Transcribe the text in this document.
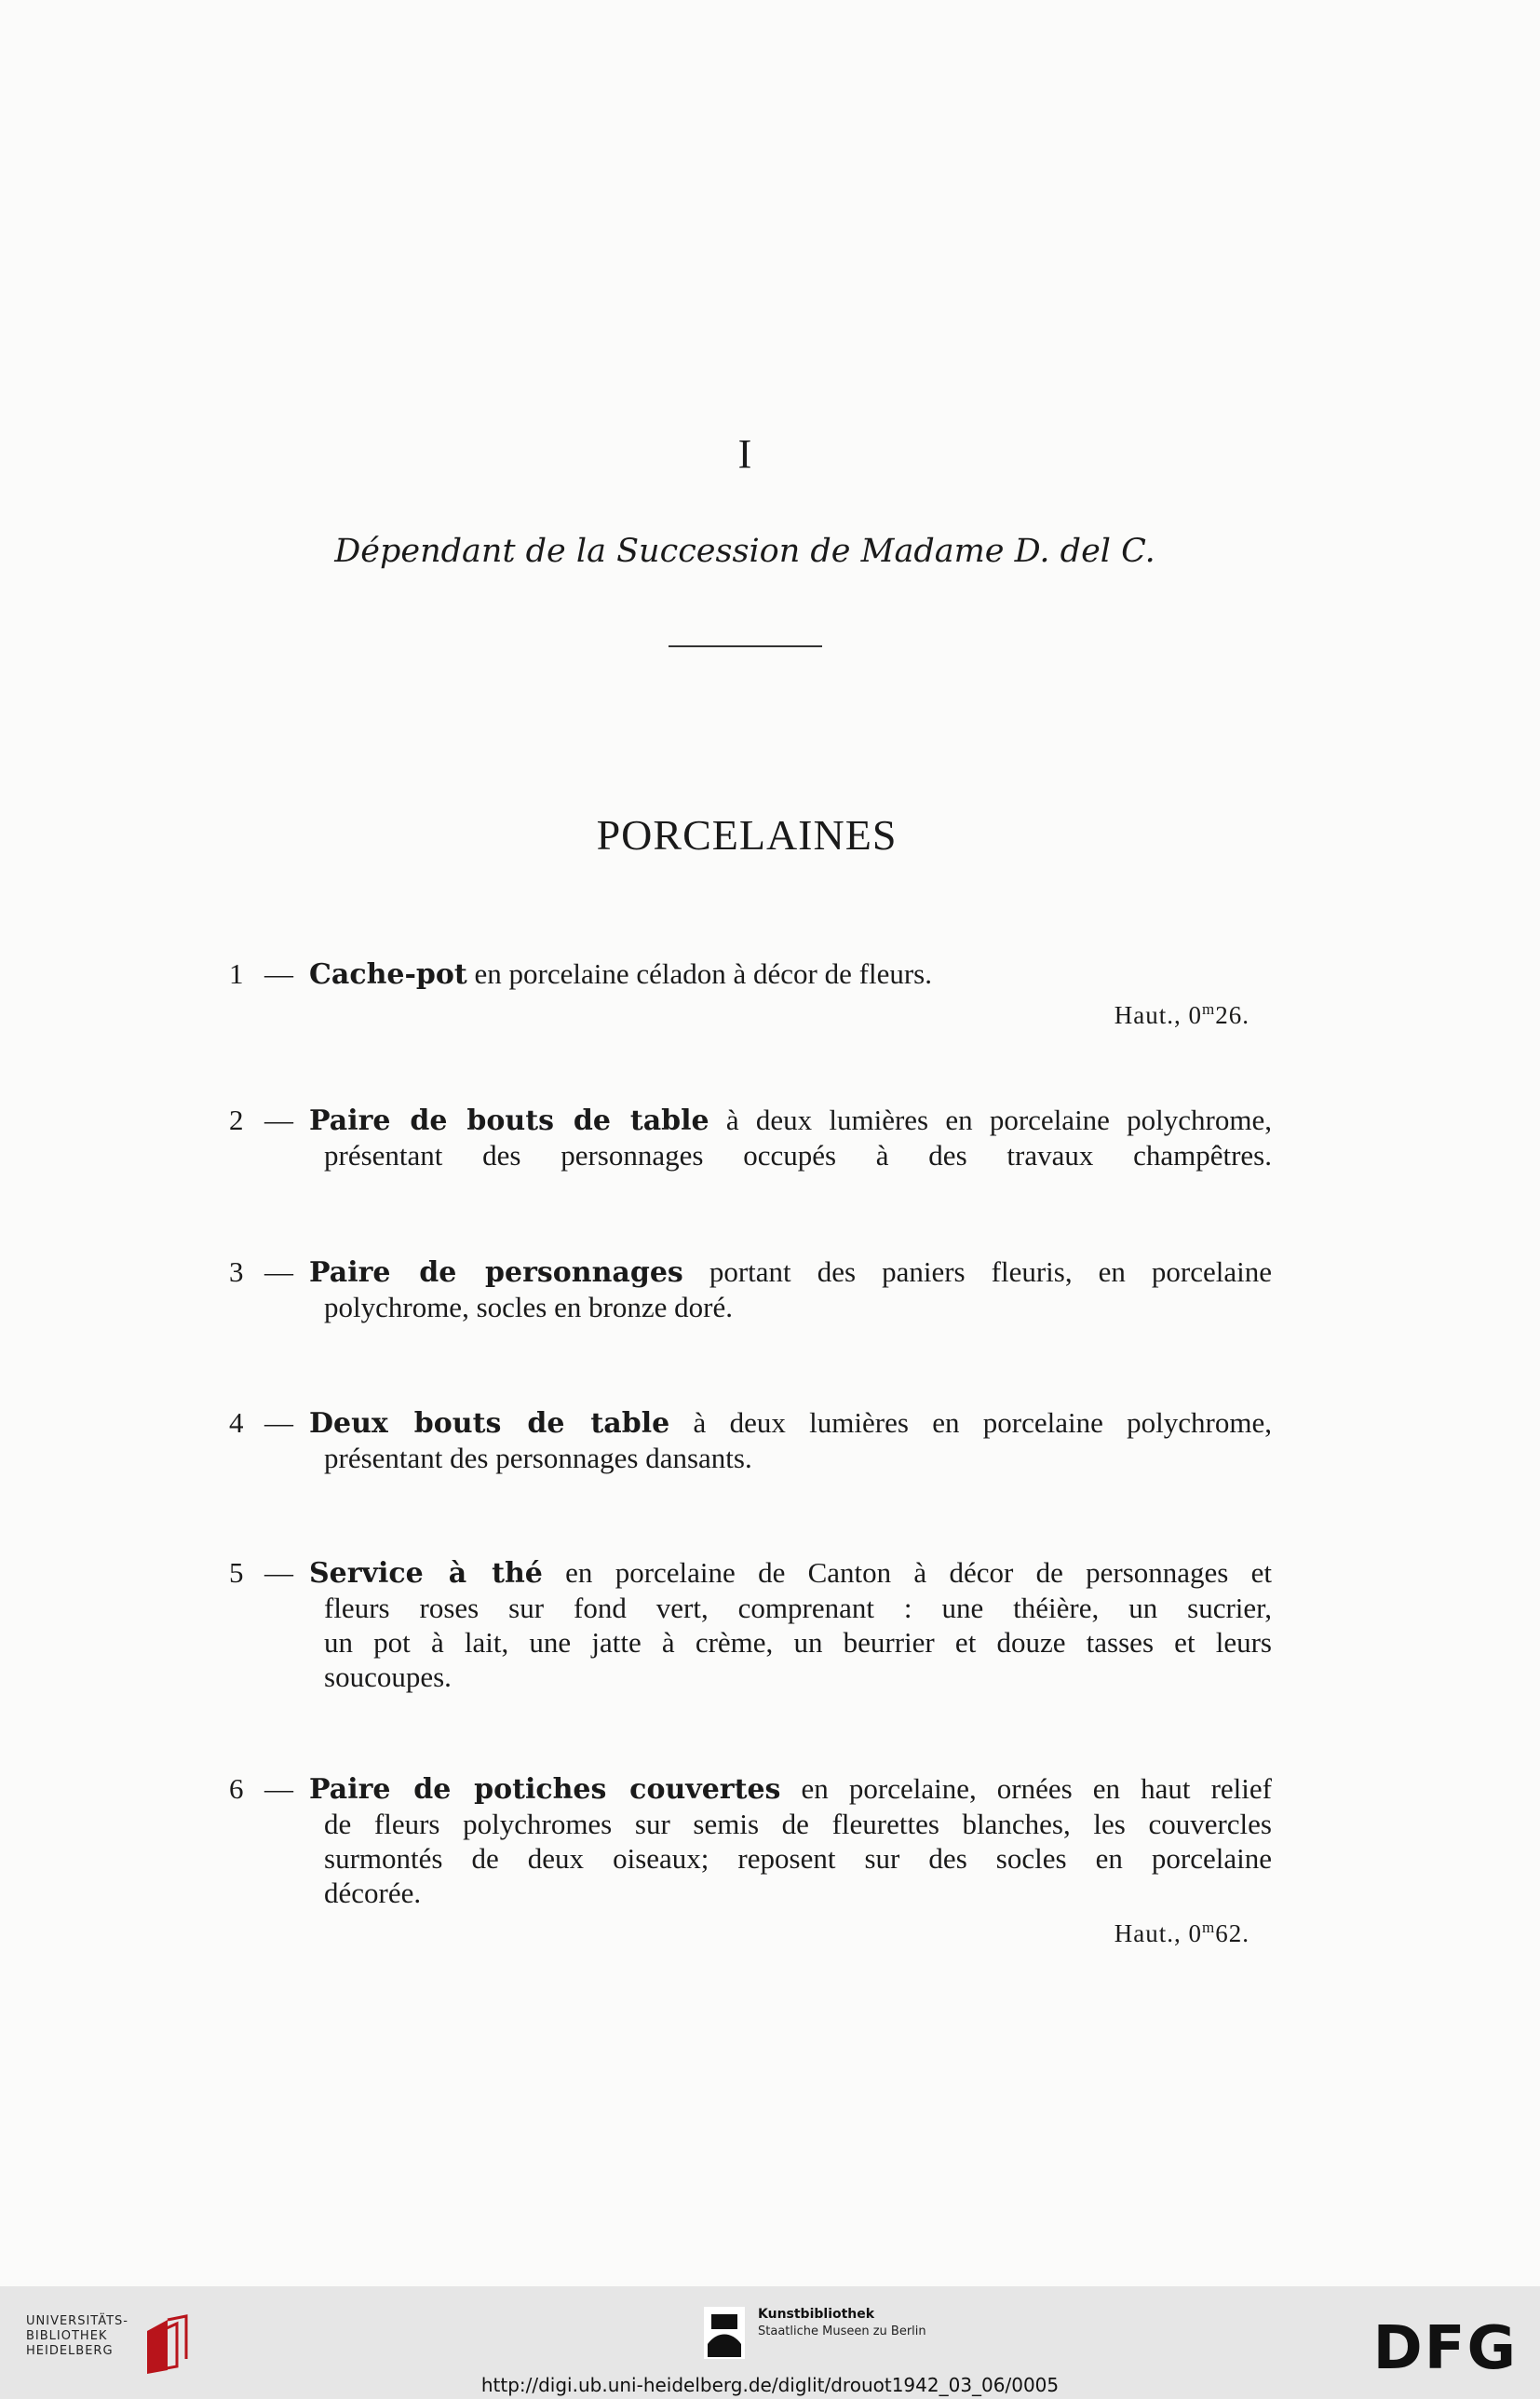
I
Dépendant de la Succession de Madame D. del C.
PORCELAINES
1 — Cache-pot en porcelaine céladon à décor de fleurs.
Haut., 0$^m$26.
2 — Paire de bouts de table à deux lumières en porcelaine polychrome,
présentant des personnages occupés à des travaux champêtres.
3 — Paire de personnages portant des paniers fleuris, en porcelaine
polychrome, socles en bronze doré.
4 — Deux bouts de table à deux lumières en porcelaine polychrome,
présentant des personnages dansants.
5 — Service à thé en porcelaine de Canton à décor de personnages et
fleurs roses sur fond vert, comprenant : une théière, un sucrier,
un pot à lait, une jatte à crème, un beurrier et douze tasses et leurs
soucoupes.
6 — Paire de potiches couvertes en porcelaine, ornées en haut relief
de fleurs polychromes sur semis de fleurettes blanches, les couvercles
surmontés de deux oiseaux; reposent sur des socles en porcelaine
décorée.
Haut., 0$^m$62.
UNIVERSITÄTS-
BIBLIOTHEK
HEIDELBERG
Kunstbibliothek
Staatliche Museen zu Berlin	DFG
http://digi.ub.uni-heidelberg.de/diglit/drouot1942_03_06/0005
